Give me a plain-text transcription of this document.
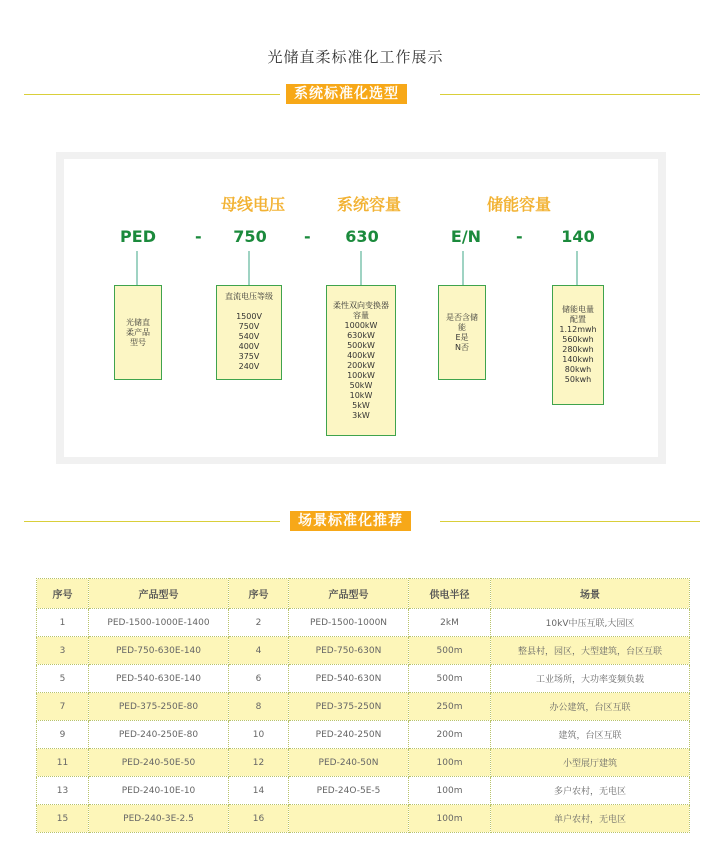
光储直柔标准化工作展示
系统标准化选型
母线电压	系统容量	储能容量
PED -	750	-	630	E/N	-	140
光储直
柔产品
型号
直流电压等级
1500V
750V
540V
400V
375V
240V
柔性双向变换器
容量
1000kW
630kW
500kW
400kW
200kW
100kW
50kW
10kW
5kW
3kW
是否含储
能
E是
N否
储能电量
配置
1.12mwh
560kwh
280kwh
140kwh
80kwh
50kwh
场景标准化推荐
序号	产品型号	序号	产品型号	供电半径	场景
1	PED-1500-1000E-1400	2	PED-1500-1000N	2kM	10kV中压互联,大园区
3	PED-750-630E-140	4	PED-750-630N	500m	整县村，园区，大型建筑，台区互联
5	PED-540-630E-140	6	PED-540-630N	500m	工业场所，大功率变频负载
7	PED-375-250E-80	8	PED-375-250N	250m	办公建筑，台区互联
9	PED-240-250E-80	10	PED-240-250N	200m	建筑，台区互联
11	PED-240-50E-50	12	PED-240-50N	100m	小型展厅建筑
13	PED-240-10E-10	14	PED-24O-5E-5	100m	多户农村，无电区
15	PED-240-3E-2.5	16		100m	单户农村，无电区
